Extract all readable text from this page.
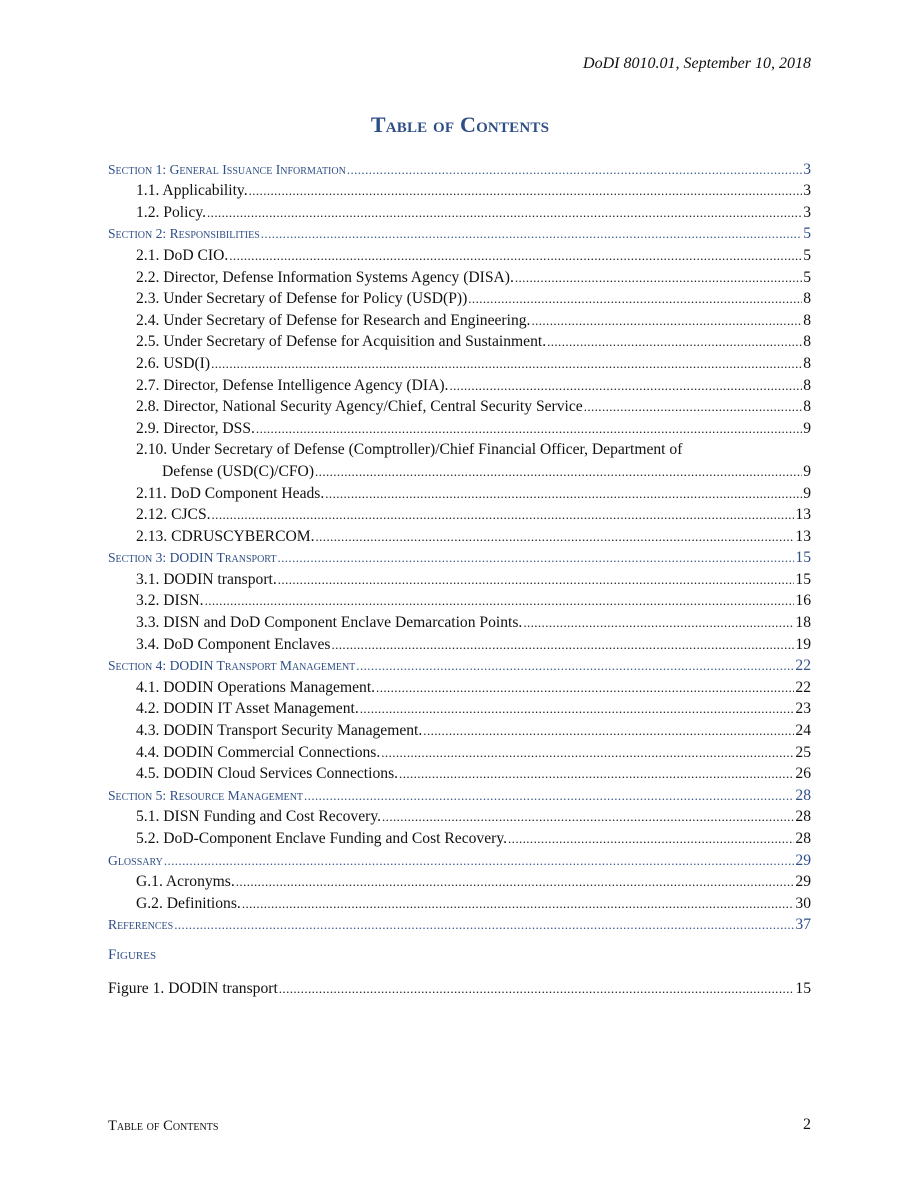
DoDI 8010.01, September 10, 2018
Table of Contents
Section 1: General Issuance Information .....	3
1.1. Applicability. .....	3
1.2. Policy. .....	3
Section 2: Responsibilities .....	5
2.1. DoD CIO. .....	5
2.2. Director, Defense Information Systems Agency (DISA). .....	5
2.3. Under Secretary of Defense for Policy (USD(P)) .....	8
2.4. Under Secretary of Defense for Research and Engineering. .....	8
2.5. Under Secretary of Defense for Acquisition and Sustainment. .....	8
2.6. USD(I) .....	8
2.7. Director, Defense Intelligence Agency (DIA). .....	8
2.8. Director, National Security Agency/Chief, Central Security Service .....	8
2.9. Director, DSS. .....	9
2.10. Under Secretary of Defense (Comptroller)/Chief Financial Officer, Department of
Defense (USD(C)/CFO) .....	9
2.11. DoD Component Heads. .....	9
2.12. CJCS. .....	13
2.13. CDRUSCYBERCOM. .....	13
Section 3: DODIN Transport .....	15
3.1. DODIN transport. .....	15
3.2. DISN. .....	16
3.3. DISN and DoD Component Enclave Demarcation Points. .....	18
3.4. DoD Component Enclaves .....	19
Section 4: DODIN Transport Management .....	22
4.1. DODIN Operations Management. .....	22
4.2. DODIN IT Asset Management. .....	23
4.3. DODIN Transport Security Management. .....	24
4.4. DODIN Commercial Connections. .....	25
4.5. DODIN Cloud Services Connections. .....	26
Section 5: Resource Management .....	28
5.1. DISN Funding and Cost Recovery. .....	28
5.2. DoD-Component Enclave Funding and Cost Recovery. .....	28
Glossary .....	29
G.1. Acronyms. .....	29
G.2. Definitions. .....	30
References .....	37
Figures
Figure 1. DODIN transport .....	15
Table of Contents	2
